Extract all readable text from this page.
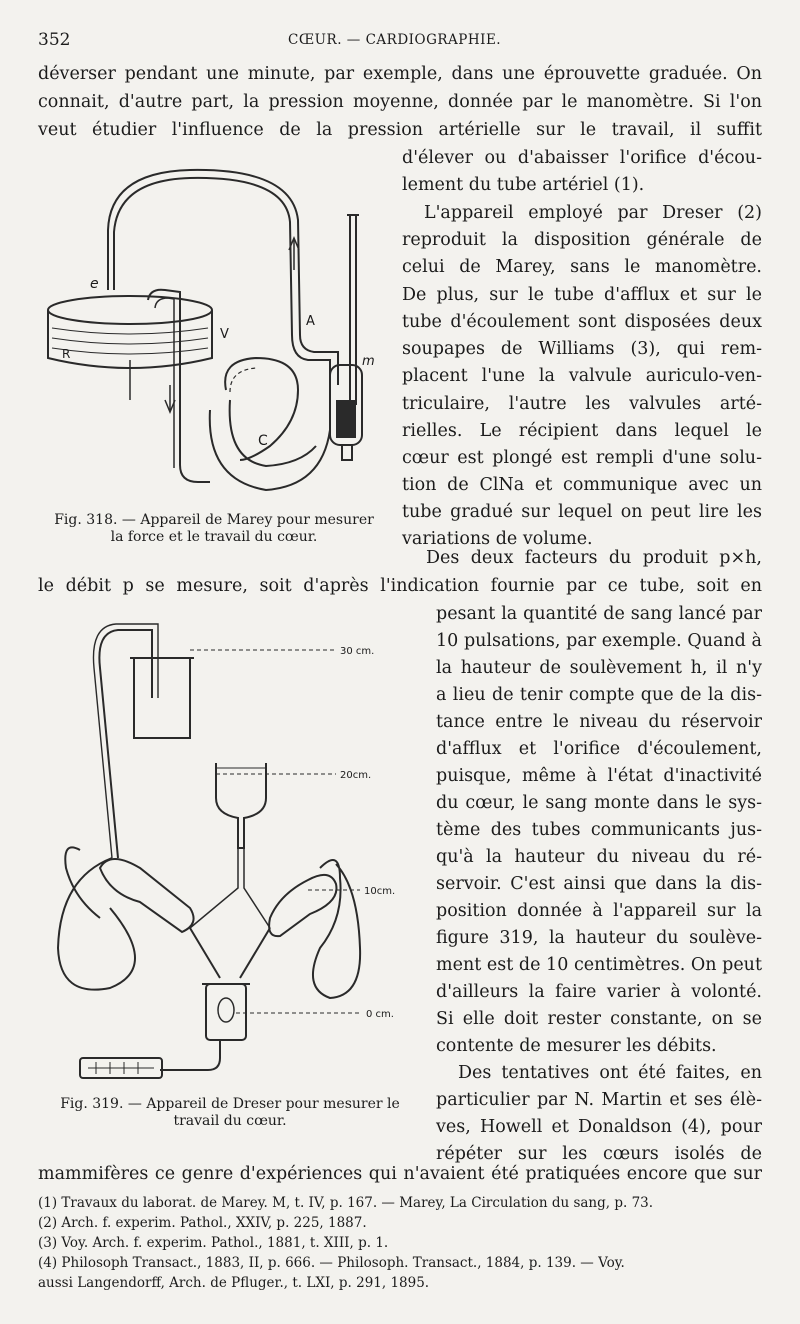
352	CŒUR. — CARDIOGRAPHIE.
déverser pendant une minute, par exemple, dans une éprouvette graduée. On
connait, d'autre part, la pression moyenne, donnée par le manomètre. Si l'on
veut étudier l'influence de la pression artérielle sur le travail, il suffit
d'élever ou d'abaisser l'orifice d'écou-
lement du tube artériel (1).
L'appareil employé par Dreser (2)
reproduit la disposition générale de
celui de Marey, sans le manomètre.
De plus, sur le tube d'afflux et sur le
tube d'écoulement sont disposées deux
soupapes de Williams (3), qui rem-
placent l'une la valvule auriculo-ven-
triculaire, l'autre les valvules arté-
rielles. Le récipient dans lequel le
cœur est plongé est rempli d'une solu-
tion de ClNa et communique avec un
tube gradué sur lequel on peut lire les
variations de volume.
e
R
V
A
m
C
Fig. 318. — Appareil de Marey pour mesurer
la force et le travail du cœur.
Des deux facteurs du produit p×h,
le débit p se mesure, soit d'après l'indication fournie par ce tube, soit en
pesant la quantité de sang lancé par
10 pulsations, par exemple. Quand à
la hauteur de soulèvement h, il n'y
a lieu de tenir compte que de la dis-
tance entre le niveau du réservoir
d'afflux et l'orifice d'écoulement,
puisque, même à l'état d'inactivité
du cœur, le sang monte dans le sys-
tème des tubes communicants jus-
qu'à la hauteur du niveau du ré-
servoir. C'est ainsi que dans la dis-
position donnée à l'appareil sur la
figure 319, la hauteur du soulève-
ment est de 10 centimètres. On peut
d'ailleurs la faire varier à volonté.
Si elle doit rester constante, on se
contente de mesurer les débits.
Des tentatives ont été faites, en
particulier par N. Martin et ses élè-
ves, Howell et Donaldson (4), pour
répéter sur les cœurs isolés de
30 cm.
20cm.
10cm.
0 cm.
Fig. 319. — Appareil de Dreser pour mesurer le
travail du cœur.
mammifères ce genre d'expériences qui n'avaient été pratiquées encore que sur
(1) Travaux du laborat. de Marey. M, t. IV, p. 167. — Marey, La Circulation du sang, p. 73.
(2) Arch. f. experim. Pathol., XXIV, p. 225, 1887.
(3) Voy. Arch. f. experim. Pathol., 1881, t. XIII, p. 1.
(4) Philosoph Transact., 1883, II, p. 666. — Philosoph. Transact., 1884, p. 139. — Voy.
aussi Langendorff, Arch. de Pfluger., t. LXI, p. 291, 1895.
